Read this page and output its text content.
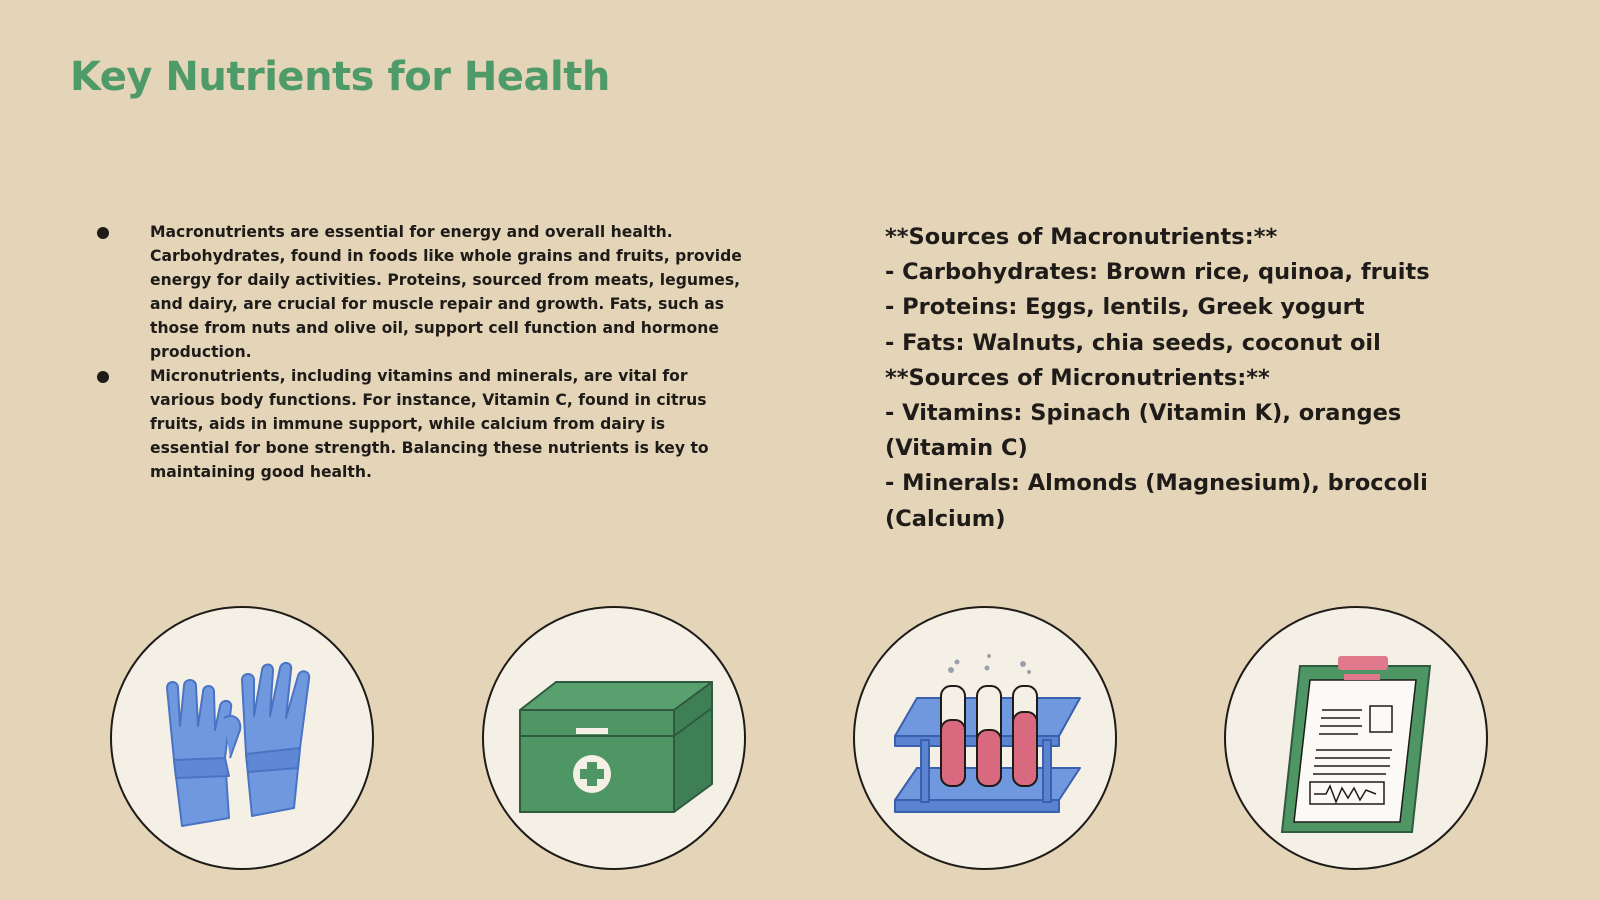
Key Nutrients for Health
Macronutrients are essential for energy and overall health. Carbohydrates, found in foods like whole grains and fruits, provide energy for daily activities. Proteins, sourced from meats, legumes, and dairy, are crucial for muscle repair and growth. Fats, such as those from nuts and olive oil, support cell function and hormone production.
Micronutrients, including vitamins and minerals, are vital for various body functions. For instance, Vitamin C, found in citrus fruits, aids in immune support, while calcium from dairy is essential for bone strength. Balancing these nutrients is key to maintaining good health.
**Sources of Macronutrients:**
- Carbohydrates: Brown rice, quinoa, fruits
- Proteins: Eggs, lentils, Greek yogurt
- Fats: Walnuts, chia seeds, coconut oil
**Sources of Micronutrients:**
- Vitamins: Spinach (Vitamin K), oranges (Vitamin C)
- Minerals: Almonds (Magnesium), broccoli (Calcium)
